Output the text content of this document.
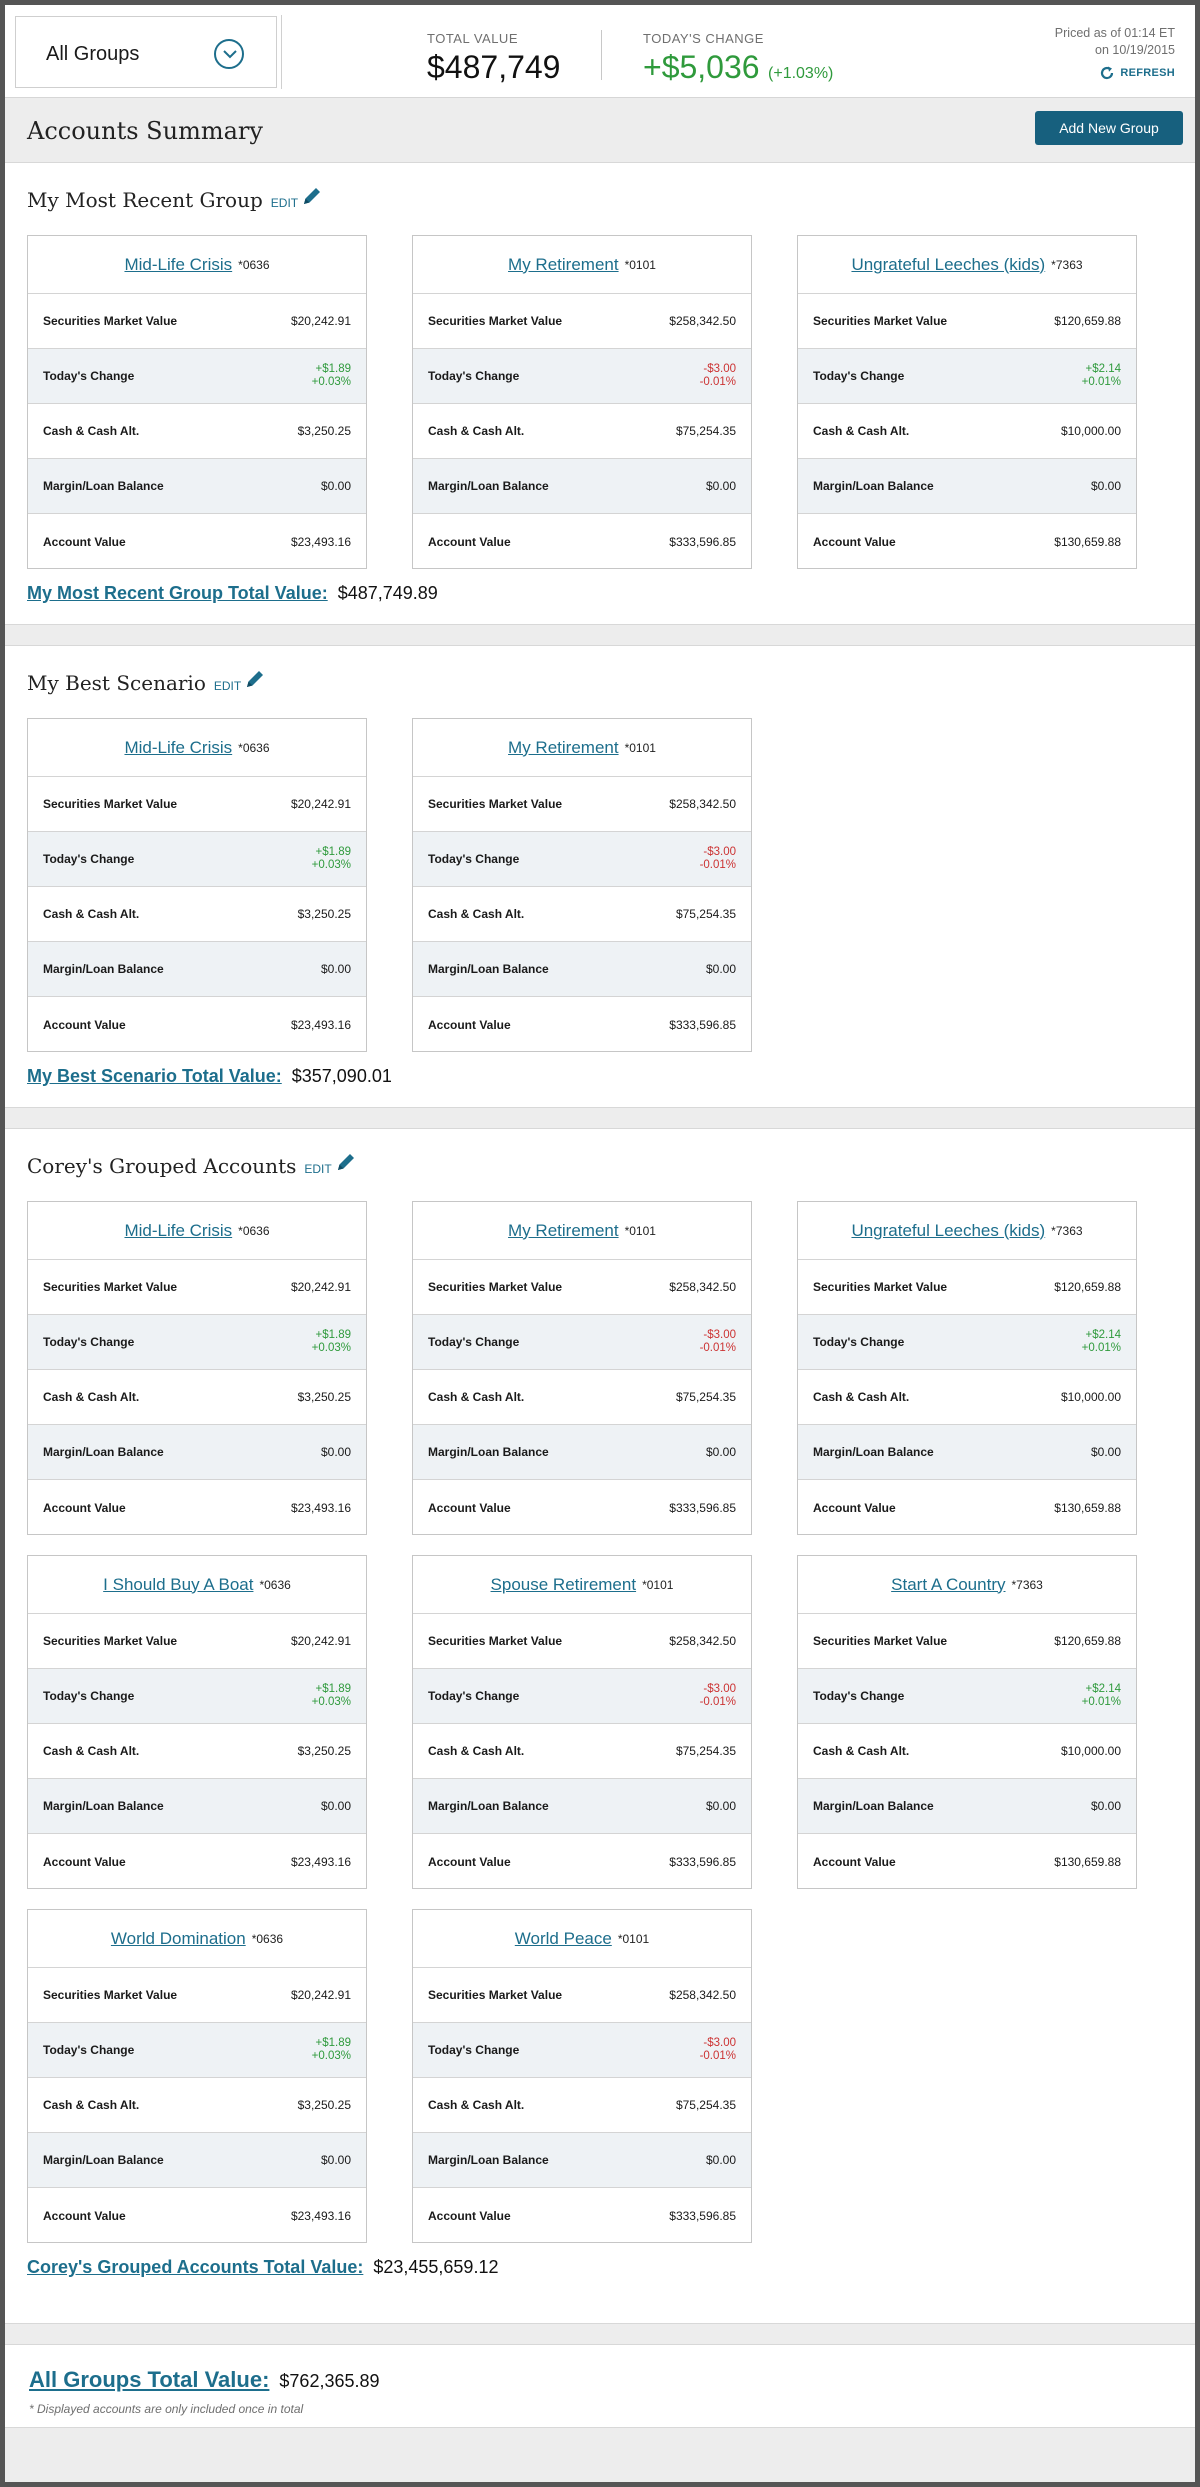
All Groups
TOTAL VALUE
$487,749
TODAY'S CHANGE
+$5,036 (+1.03%)
Priced as of 01:14 ET
on 10/19/2015
REFRESH
Accounts Summary	Add New Group
My Most Recent Group EDIT
Mid-Life Crisis *0636
Securities Market Value	$20,242.91
Today's Change	+$1.89
+0.03%
Cash & Cash Alt.	$3,250.25
Margin/Loan Balance	$0.00
Account Value	$23,493.16
My Retirement *0101
Securities Market Value	$258,342.50
Today's Change	-$3.00
-0.01%
Cash & Cash Alt.	$75,254.35
Margin/Loan Balance	$0.00
Account Value	$333,596.85
Ungrateful Leeches (kids) *7363
Securities Market Value	$120,659.88
Today's Change	+$2.14
+0.01%
Cash & Cash Alt.	$10,000.00
Margin/Loan Balance	$0.00
Account Value	$130,659.88
My Most Recent Group Total Value: $487,749.89
My Best Scenario EDIT
Mid-Life Crisis *0636
Securities Market Value	$20,242.91
Today's Change	+$1.89
+0.03%
Cash & Cash Alt.	$3,250.25
Margin/Loan Balance	$0.00
Account Value	$23,493.16
My Retirement *0101
Securities Market Value	$258,342.50
Today's Change	-$3.00
-0.01%
Cash & Cash Alt.	$75,254.35
Margin/Loan Balance	$0.00
Account Value	$333,596.85
My Best Scenario Total Value: $357,090.01
Corey's Grouped Accounts EDIT
Mid-Life Crisis *0636
Securities Market Value	$20,242.91
Today's Change	+$1.89
+0.03%
Cash & Cash Alt.	$3,250.25
Margin/Loan Balance	$0.00
Account Value	$23,493.16
My Retirement *0101
Securities Market Value	$258,342.50
Today's Change	-$3.00
-0.01%
Cash & Cash Alt.	$75,254.35
Margin/Loan Balance	$0.00
Account Value	$333,596.85
Ungrateful Leeches (kids) *7363
Securities Market Value	$120,659.88
Today's Change	+$2.14
+0.01%
Cash & Cash Alt.	$10,000.00
Margin/Loan Balance	$0.00
Account Value	$130,659.88
I Should Buy A Boat *0636
Securities Market Value	$20,242.91
Today's Change	+$1.89
+0.03%
Cash & Cash Alt.	$3,250.25
Margin/Loan Balance	$0.00
Account Value	$23,493.16
Spouse Retirement *0101
Securities Market Value	$258,342.50
Today's Change	-$3.00
-0.01%
Cash & Cash Alt.	$75,254.35
Margin/Loan Balance	$0.00
Account Value	$333,596.85
Start A Country *7363
Securities Market Value	$120,659.88
Today's Change	+$2.14
+0.01%
Cash & Cash Alt.	$10,000.00
Margin/Loan Balance	$0.00
Account Value	$130,659.88
World Domination *0636
Securities Market Value	$20,242.91
Today's Change	+$1.89
+0.03%
Cash & Cash Alt.	$3,250.25
Margin/Loan Balance	$0.00
Account Value	$23,493.16
World Peace *0101
Securities Market Value	$258,342.50
Today's Change	-$3.00
-0.01%
Cash & Cash Alt.	$75,254.35
Margin/Loan Balance	$0.00
Account Value	$333,596.85
Corey's Grouped Accounts Total Value: $23,455,659.12
All Groups Total Value: $762,365.89
* Displayed accounts are only included once in total
